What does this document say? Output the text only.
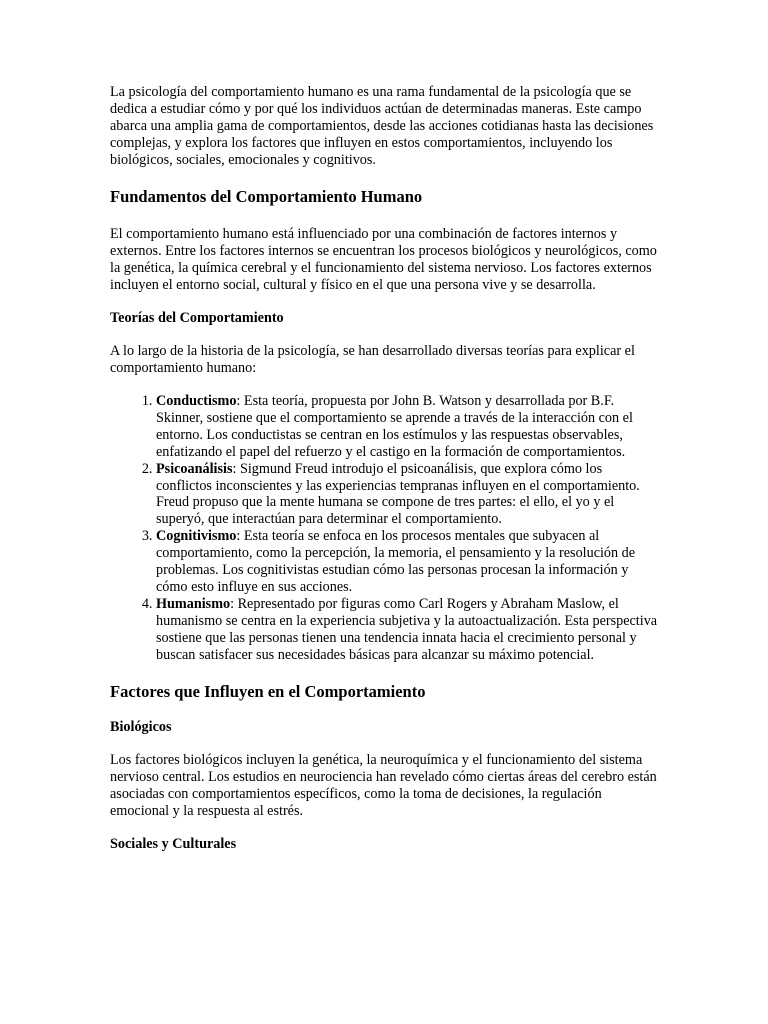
La psicología del comportamiento humano es una rama fundamental de la psicología que se dedica a estudiar cómo y por qué los individuos actúan de determinadas maneras. Este campo abarca una amplia gama de comportamientos, desde las acciones cotidianas hasta las decisiones complejas, y explora los factores que influyen en estos comportamientos, incluyendo los biológicos, sociales, emocionales y cognitivos.

Fundamentos del Comportamiento Humano

El comportamiento humano está influenciado por una combinación de factores internos y externos. Entre los factores internos se encuentran los procesos biológicos y neurológicos, como la genética, la química cerebral y el funcionamiento del sistema nervioso. Los factores externos incluyen el entorno social, cultural y físico en el que una persona vive y se desarrolla.

Teorías del Comportamiento

A lo largo de la historia de la psicología, se han desarrollado diversas teorías para explicar el comportamiento humano:

1. Conductismo: Esta teoría, propuesta por John B. Watson y desarrollada por B.F. Skinner, sostiene que el comportamiento se aprende a través de la interacción con el entorno. Los conductistas se centran en los estímulos y las respuestas observables, enfatizando el papel del refuerzo y el castigo en la formación de comportamientos.
2. Psicoanálisis: Sigmund Freud introdujo el psicoanálisis, que explora cómo los conflictos inconscientes y las experiencias tempranas influyen en el comportamiento. Freud propuso que la mente humana se compone de tres partes: el ello, el yo y el superyó, que interactúan para determinar el comportamiento.
3. Cognitivismo: Esta teoría se enfoca en los procesos mentales que subyacen al comportamiento, como la percepción, la memoria, el pensamiento y la resolución de problemas. Los cognitivistas estudian cómo las personas procesan la información y cómo esto influye en sus acciones.
4. Humanismo: Representado por figuras como Carl Rogers y Abraham Maslow, el humanismo se centra en la experiencia subjetiva y la autoactualización. Esta perspectiva sostiene que las personas tienen una tendencia innata hacia el crecimiento personal y buscan satisfacer sus necesidades básicas para alcanzar su máximo potencial.
Factores que Influyen en el Comportamiento
Biológicos

Los factores biológicos incluyen la genética, la neuroquímica y el funcionamiento del sistema nervioso central. Los estudios en neurociencia han revelado cómo ciertas áreas del cerebro están asociadas con comportamientos específicos, como la toma de decisiones, la regulación emocional y la respuesta al estrés.

Sociales y Culturales
